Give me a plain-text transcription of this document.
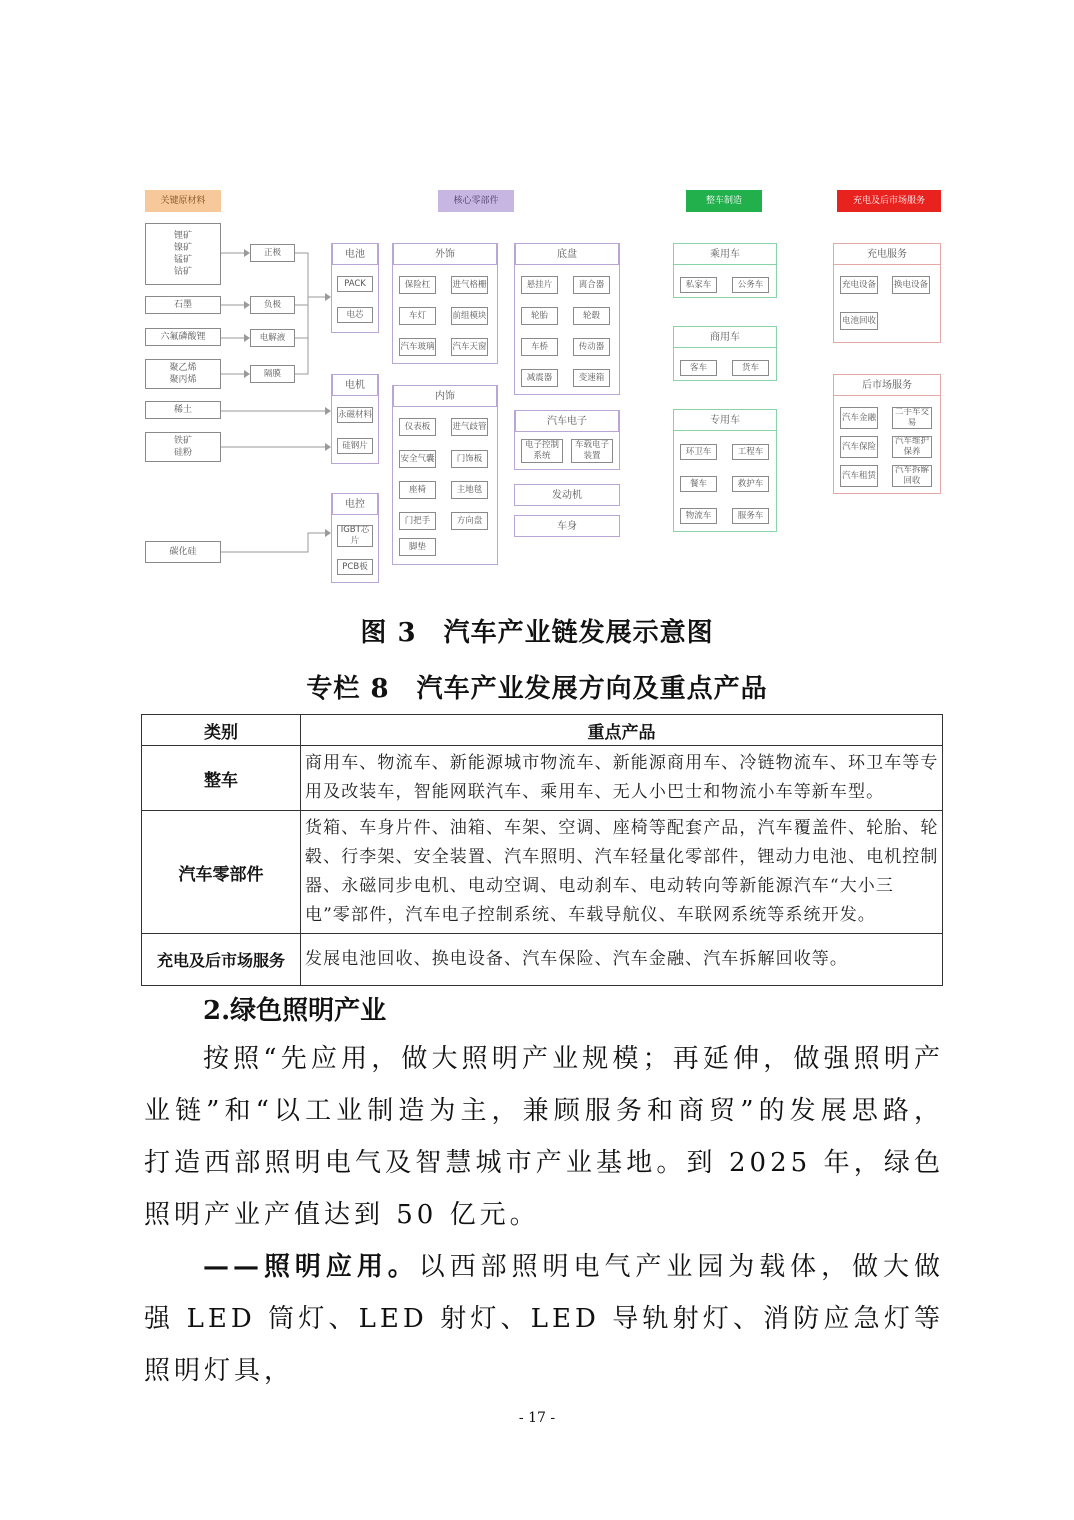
关键原材料	核心零部件	整车制造	充电及后市场服务
锂矿
镍矿
锰矿
钴矿
石墨
六氟磷酸锂
聚乙烯
聚丙烯
稀土
铁矿
硅粉
碳化硅
正极
负极
电解液
隔膜
电池
PACK
电芯
电机
永磁材料
硅钢片
电控
IGBT芯片
PCB板
外饰
保险杠	进气格栅
车灯	前组模块
汽车玻璃 汽车天窗
内饰
仪表板	进气歧管
安全气囊	门饰板
座椅	主地毯
门把手	方向盘
脚垫
底盘
悬挂片	离合器
轮胎	轮毂
车桥	传动器
减震器	变速箱
汽车电子
电子控制系统
车载电子装置
发动机
车身
乘用车
私家车	公务车
商用车
客车	货车
专用车
环卫车	工程车
餐车	救护车
物流车	服务车
充电服务
充电设备 换电设备
电池回收
后市场服务
汽车金融
二手车交易
汽车保险
汽车维护保养
汽车租赁
汽车拆解回收
图 3　汽车产业链发展示意图
专栏 8　汽车产业发展方向及重点产品
类别	重点产品
整车	商用车、物流车、新能源城市物流车、新能源商用车、冷链物流车、环卫车等专用及改装车，智能网联汽车、乘用车、无人小巴士和物流小车等新车型。
汽车零部件	货箱、车身片件、油箱、车架、空调、座椅等配套产品，汽车覆盖件、轮胎、轮毂、行李架、安全装置、汽车照明、汽车轻量化零部件，锂动力电池、电机控制器、永磁同步电机、电动空调、电动刹车、电动转向等新能源汽车“大小三电”零部件，汽车电子控制系统、车载导航仪、车联网系统等系统开发。
充电及后市场服务	发展电池回收、换电设备、汽车保险、汽车金融、汽车拆解回收等。
2.绿色照明产业
按照“先应用，做大照明产业规模；再延伸，做强照明产业链”和“以工业制造为主，兼顾服务和商贸”的发展思路，打造西部照明电气及智慧城市产业基地。到 2025 年，绿色照明产业产值达到 50 亿元。
——照明应用。以西部照明电气产业园为载体，做大做强 LED 筒灯、LED 射灯、LED 导轨射灯、消防应急灯等照明灯具，
- 17 -
